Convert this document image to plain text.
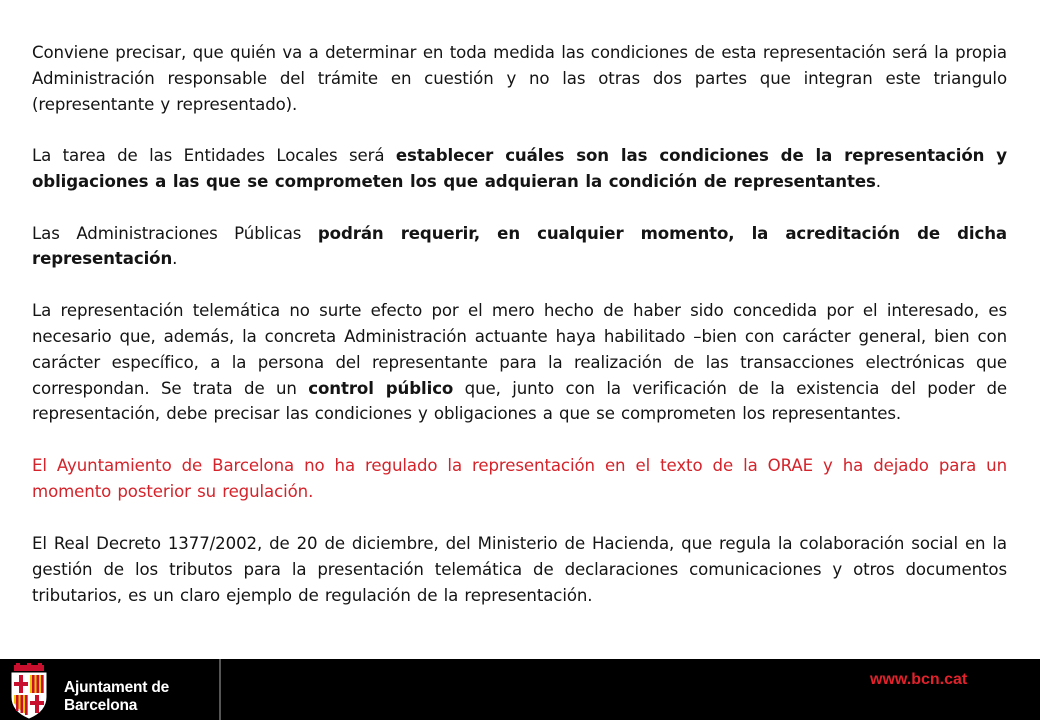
Conviene precisar, que quién va a determinar en toda medida las condiciones de esta representación será la propia Administración responsable del trámite en cuestión y no las otras dos partes que integran este triangulo (representante y representado).

La tarea de las Entidades Locales será establecer cuáles son las condiciones de la representación y obligaciones a las que se comprometen los que adquieran la condición de representantes.

Las Administraciones Públicas podrán requerir, en cualquier momento, la acreditación de dicha representación.

La representación telemática no surte efecto por el mero hecho de haber sido concedida por el interesado, es necesario que, además, la concreta Administración actuante haya habilitado –bien con carácter general, bien con carácter específico, a la persona del representante para la realización de las transacciones electrónicas que correspondan. Se trata de un control público que, junto con la verificación de la existencia del poder de representación, debe precisar las condiciones y obligaciones a que se comprometen los representantes.

El Ayuntamiento de Barcelona no ha regulado la representación en el texto de la ORAE y ha dejado para un momento posterior su regulación.

El Real Decreto 1377/2002, de 20 de diciembre, del Ministerio de Hacienda, que regula la colaboración social en la gestión de los tributos para la presentación telemática de declaraciones comunicaciones y otros documentos tributarios, es un claro ejemplo de regulación de la representación.

Ajuntament de Barcelona
www.bcn.cat
